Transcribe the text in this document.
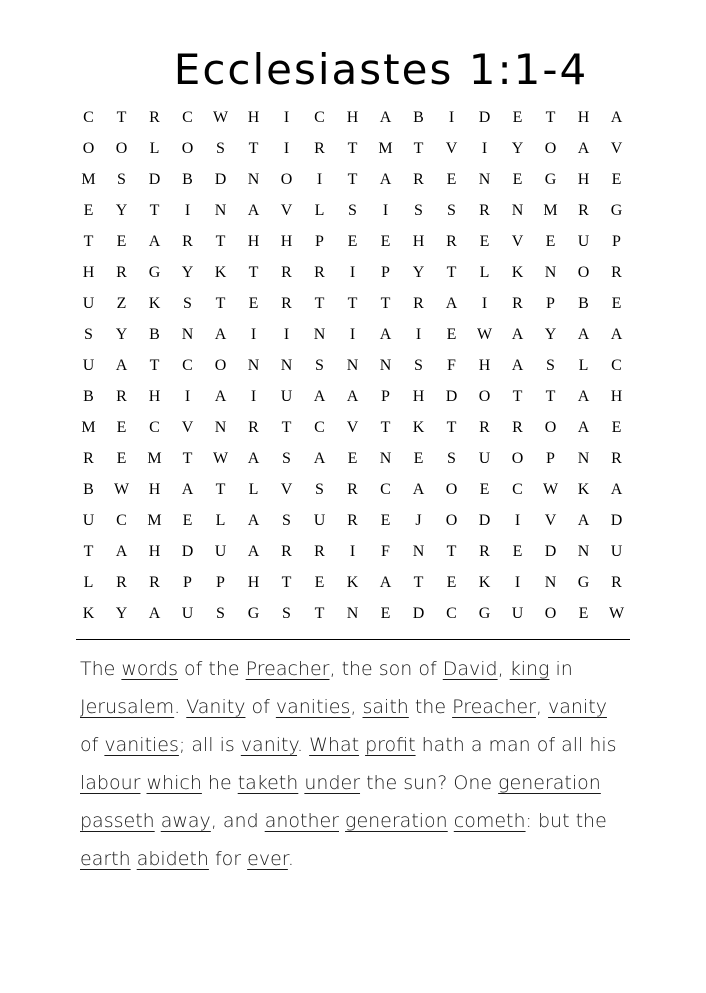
Ecclesiastes 1:1-4
C	T	R	C	W	H	I	C	H	A	B	I	D	E	T	H	A
O	O	L	O	S	T	I	R	T	M	T	V	I	Y	O	A	V
M	S	D	B	D	N	O	I	T	A	R	E	N	E	G	H	E
E	Y	T	I	N	A	V	L	S	I	S	S	R	N	M	R	G
T	E	A	R	T	H	H	P	E	E	H	R	E	V	E	U	P
H	R	G	Y	K	T	R	R	I	P	Y	T	L	K	N	O	R
U	Z	K	S	T	E	R	T	T	T	R	A	I	R	P	B	E
S	Y	B	N	A	I	I	N	I	A	I	E	W	A	Y	A	A
U	A	T	C	O	N	N	S	N	N	S	F	H	A	S	L	C
B	R	H	I	A	I	U	A	A	P	H	D	O	T	T	A	H
M	E	C	V	N	R	T	C	V	T	K	T	R	R	O	A	E
R	E	M	T	W	A	S	A	E	N	E	S	U	O	P	N	R
B	W	H	A	T	L	V	S	R	C	A	O	E	C	W	K	A
U	C	M	E	L	A	S	U	R	E	J	O	D	I	V	A	D
T	A	H	D	U	A	R	R	I	F	N	T	R	E	D	N	U
L	R	R	P	P	H	T	E	K	A	T	E	K	I	N	G	R
K	Y	A	U	S	G	S	T	N	E	D	C	G	U	O	E	W

The words of the Preacher, the son of David, king in Jerusalem. Vanity of vanities, saith the Preacher, vanity of vanities; all is vanity. What profit hath a man of all his labour which he taketh under the sun? One generation passeth away, and another generation cometh: but the earth abideth for ever.
